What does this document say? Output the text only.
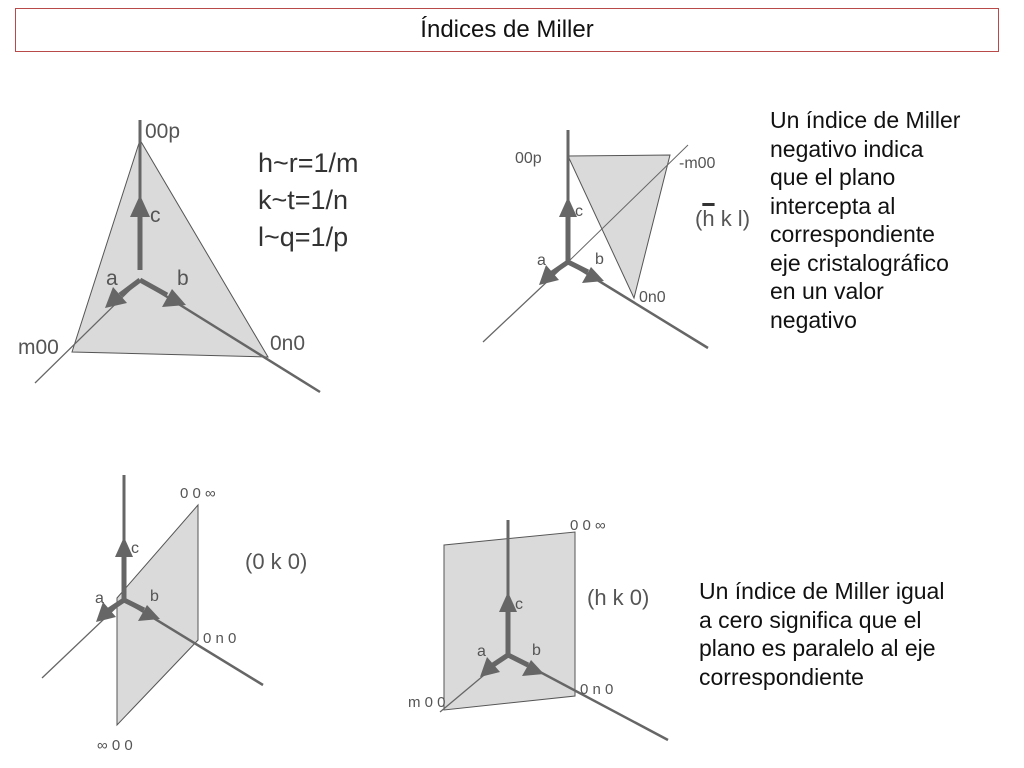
Índices de Miller
00p
m00	0n0
c
a	b
h~r=1/m
k~t=1/n
l~q=1/p
00p	-m00
0n0
c
a	b
($\overline{h}$ k l)
Un índice de Miller
negativo indica
que el plano
intercepta al
correspondiente
eje cristalográfico
en un valor
negativo
0 0 ∞
0 n 0
∞ 0 0
c
a	b
(0 k 0)
0 0 ∞
0 n 0
m 0 0
c
a	b
(h k 0) Un índice de Miller igual
a cero significa que el
plano es paralelo al eje
correspondiente
